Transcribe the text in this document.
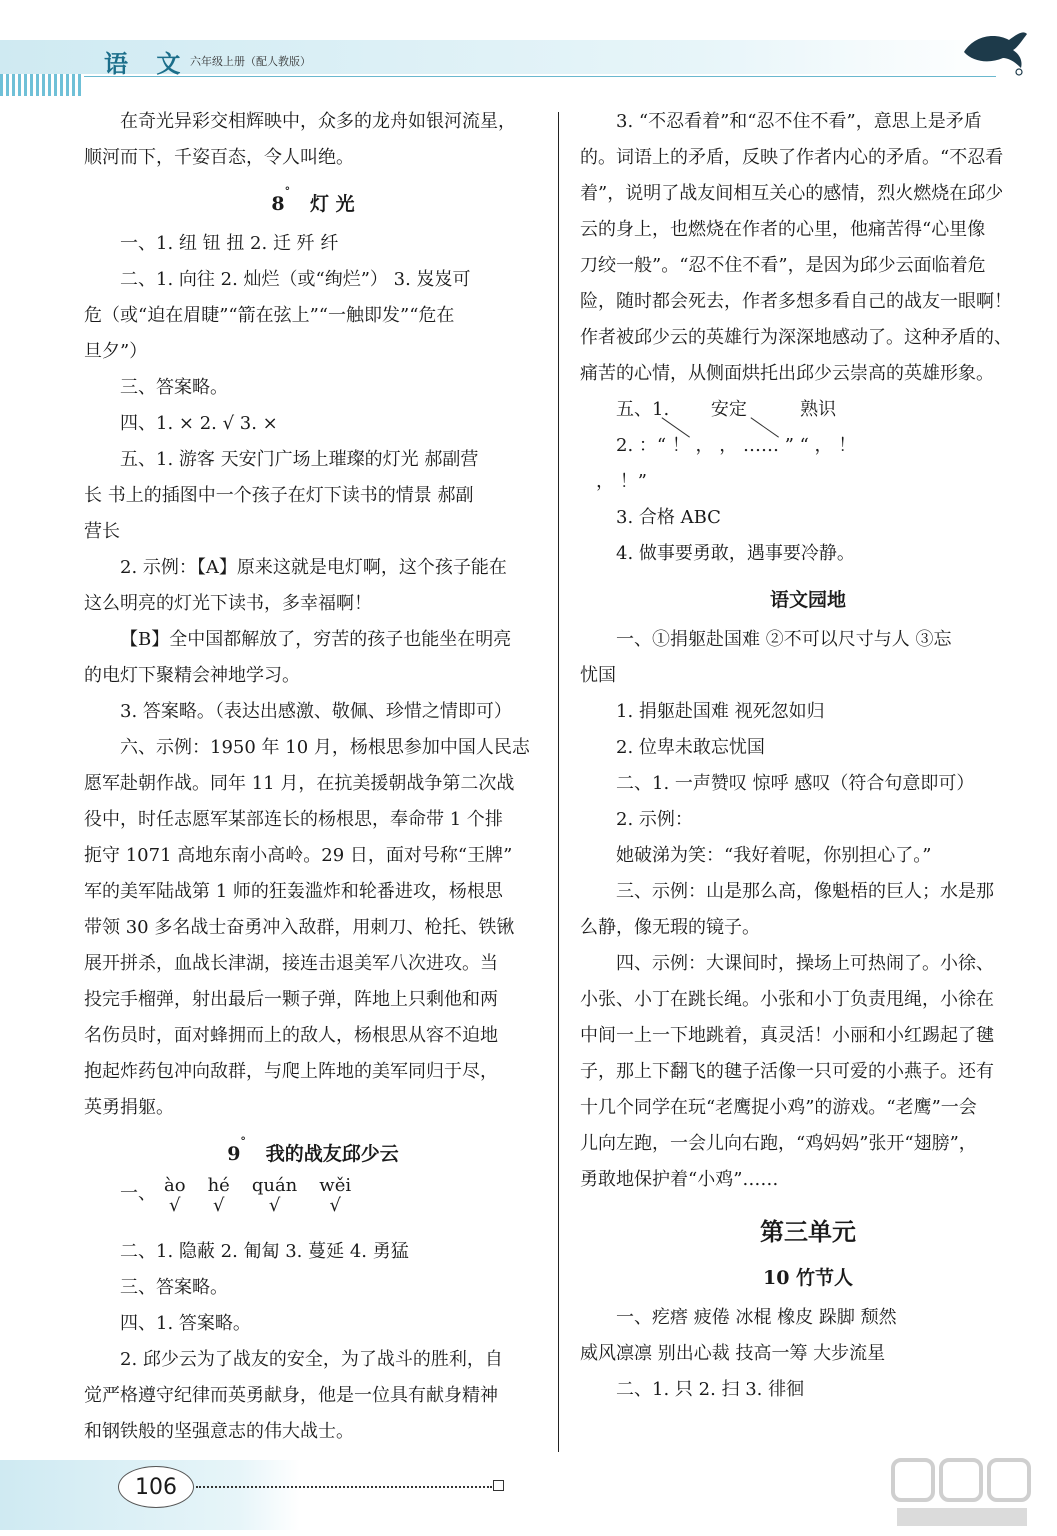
语 文 六年级上册（配人教版）

在奇光异彩交相辉映中，众多的龙舟如银河流星，

顺河而下，千姿百态，令人叫绝。

8°   灯 光

一、1. 纽 钮 扭 2. 迁 歼 纤

二、1. 向往 2. 灿烂（或“绚烂”） 3. 岌岌可

危（或“迫在眉睫”“箭在弦上”“一触即发”“危在

旦夕”）

三、答案略。

四、1. × 2. √ 3. ×

五、1. 游客 天安门广场上璀璨的灯光 郝副营

长 书上的插图中一个孩子在灯下读书的情景 郝副

营长

2. 示例：【A】原来这就是电灯啊，这个孩子能在

这么明亮的灯光下读书，多幸福啊！

【B】全中国都解放了，穷苦的孩子也能坐在明亮

的电灯下聚精会神地学习。

3. 答案略。（表达出感激、敬佩、珍惜之情即可）

六、示例：1950 年 10 月，杨根思参加中国人民志

愿军赴朝作战。同年 11 月，在抗美援朝战争第二次战

役中，时任志愿军某部连长的杨根思，奉命带 1 个排

扼守 1071 高地东南小高岭。29 日，面对号称“王牌”

军的美军陆战第 1 师的狂轰滥炸和轮番进攻，杨根思

带领 30 多名战士奋勇冲入敌群，用刺刀、枪托、铁锹

展开拼杀，血战长津湖，接连击退美军八次进攻。当

投完手榴弹，射出最后一颗子弹，阵地上只剩他和两

名伤员时，面对蜂拥而上的敌人，杨根思从容不迫地

抱起炸药包冲向敌群，与爬上阵地的美军同归于尽，

英勇捐躯。

9°   我的战友邱少云

一、 ào
√
hé
√
quán
√
wěi
√

二、1. 隐蔽 2. 匍匐 3. 蔓延 4. 勇猛

三、答案略。

四、1. 答案略。

2. 邱少云为了战友的安全，为了战斗的胜利，自

觉严格遵守纪律而英勇献身，他是一位具有献身精神

和钢铁般的坚强意志的伟大战士。

3. “不忍看着”和“忍不住不看”，意思上是矛盾

的。词语上的矛盾，反映了作者内心的矛盾。“不忍看

着”，说明了战友间相互关心的感情，烈火燃烧在邱少

云的身上，也燃烧在作者的心里，他痛苦得“心里像

刀绞一般”。“忍不住不看”，是因为邱少云面临着危

险，随时都会死去，作者多想多看自己的战友一眼啊！

作者被邱少云的英雄行为深深地感动了。这种矛盾的、

痛苦的心情，从侧面烘托出邱少云崇高的英雄形象。

五、1. 安定	熟识

2. ：“ ！ ， ， …… ” “ ， ！

， ！”

3. 合格 ABC

4. 做事要勇敢，遇事要冷静。

语文园地

一、①捐躯赴国难 ②不可以尺寸与人 ③忘

忧国

1. 捐躯赴国难 视死忽如归

2. 位卑未敢忘忧国

二、1. 一声赞叹 惊呼 感叹（符合句意即可）

2. 示例：

她破涕为笑：“我好着呢，你别担心了。”

三、示例：山是那么高，像魁梧的巨人；水是那

么静，像无瑕的镜子。

四、示例：大课间时，操场上可热闹了。小徐、

小张、小丁在跳长绳。小张和小丁负责甩绳，小徐在

中间一上一下地跳着，真灵活！小丽和小红踢起了毽

子，那上下翻飞的毽子活像一只可爱的小燕子。还有

十几个同学在玩“老鹰捉小鸡”的游戏。“老鹰”一会

儿向左跑，一会儿向右跑，“鸡妈妈”张开“翅膀”，

勇敢地保护着“小鸡”……

第三单元

10 竹节人

一、疙瘩 疲倦 冰棍 橡皮 跺脚 颓然

威风凛凛 别出心裁 技高一筹 大步流星

二、1. 只 2. 扫 3. 徘徊

106
